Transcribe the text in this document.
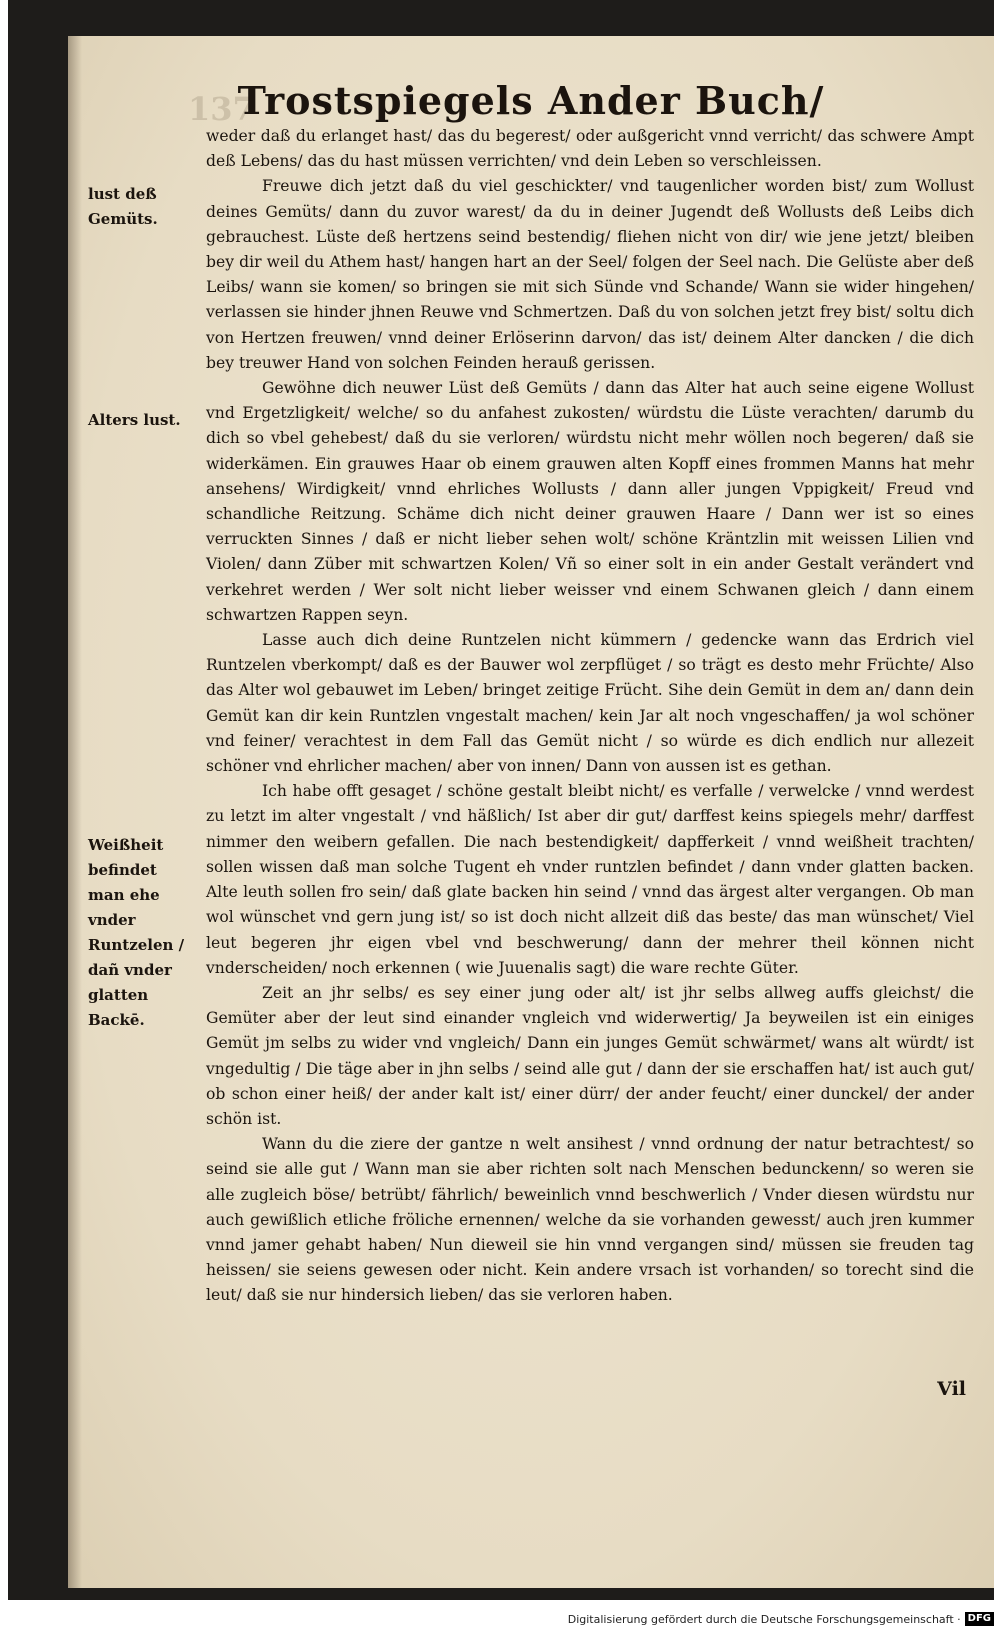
137
Trostspiegels Ander Buch/
lust deß Gemüts.
Alters lust.
Weißheit befindet man ehe vnder Runtzelen / dañ vnder glatten Backē.

weder daß du erlanget hast/ das du begerest/ oder außgericht vnnd verricht/ das schwere Ampt deß Lebens/ das du hast müssen verrichten/ vnd dein Leben so verschleissen.

Freuwe dich jetzt daß du viel geschickter/ vnd taugenlicher worden bist/ zum Wollust deines Gemüts/ dann du zuvor warest/ da du in deiner Jugendt deß Wollusts deß Leibs dich gebrauchest. Lüste deß hertzens seind bestendig/ fliehen nicht von dir/ wie jene jetzt/ bleiben bey dir weil du Athem hast/ hangen hart an der Seel/ folgen der Seel nach. Die Gelüste aber deß Leibs/ wann sie komen/ so bringen sie mit sich Sünde vnd Schande/ Wann sie wider hingehen/ verlassen sie hinder jhnen Reuwe vnd Schmertzen. Daß du von solchen jetzt frey bist/ soltu dich von Hertzen freuwen/ vnnd deiner Erlöserinn darvon/ das ist/ deinem Alter dancken / die dich bey treuwer Hand von solchen Feinden herauß gerissen.

Gewöhne dich neuwer Lüst deß Gemüts / dann das Alter hat auch seine eigene Wollust vnd Ergetzligkeit/ welche/ so du anfahest zukosten/ würdstu die Lüste verachten/ darumb du dich so vbel gehebest/ daß du sie verloren/ würdstu nicht mehr wöllen noch begeren/ daß sie widerkämen. Ein grauwes Haar ob einem grauwen alten Kopff eines frommen Manns hat mehr ansehens/ Wirdigkeit/ vnnd ehrliches Wollusts / dann aller jungen Vppigkeit/ Freud vnd schandliche Reitzung. Schäme dich nicht deiner grauwen Haare / Dann wer ist so eines verruckten Sinnes / daß er nicht lieber sehen wolt/ schöne Kräntzlin mit weissen Lilien vnd Violen/ dann Züber mit schwartzen Kolen/ Vñ so einer solt in ein ander Gestalt verändert vnd verkehret werden / Wer solt nicht lieber weisser vnd einem Schwanen gleich / dann einem schwartzen Rappen seyn.

Lasse auch dich deine Runtzelen nicht kümmern / gedencke wann das Erdrich viel Runtzelen vberkompt/ daß es der Bauwer wol zerpflüget / so trägt es desto mehr Früchte/ Also das Alter wol gebauwet im Leben/ bringet zeitige Frücht. Sihe dein Gemüt in dem an/ dann dein Gemüt kan dir kein Runtzlen vngestalt machen/ kein Jar alt noch vngeschaffen/ ja wol schöner vnd feiner/ verachtest in dem Fall das Gemüt nicht / so würde es dich endlich nur allezeit schöner vnd ehrlicher machen/ aber von innen/ Dann von aussen ist es gethan.

Ich habe offt gesaget / schöne gestalt bleibt nicht/ es verfalle / verwelcke / vnnd werdest zu letzt im alter vngestalt / vnd häßlich/ Ist aber dir gut/ darffest keins spiegels mehr/ darffest nimmer den weibern gefallen. Die nach bestendigkeit/ dapfferkeit / vnnd weißheit trachten/ sollen wissen daß man solche Tugent eh vnder runtzlen befindet / dann vnder glatten backen. Alte leuth sollen fro sein/ daß glate backen hin seind / vnnd das ärgest alter vergangen. Ob man wol wünschet vnd gern jung ist/ so ist doch nicht allzeit diß das beste/ das man wünschet/ Viel leut begeren jhr eigen vbel vnd beschwerung/ dann der mehrer theil können nicht vnderscheiden/ noch erkennen ( wie Juuenalis sagt) die ware rechte Güter.

Zeit an jhr selbs/ es sey einer jung oder alt/ ist jhr selbs allweg auffs gleichst/ die Gemüter aber der leut sind einander vngleich vnd widerwertig/ Ja beyweilen ist ein einiges Gemüt jm selbs zu wider vnd vngleich/ Dann ein junges Gemüt schwärmet/ wans alt würdt/ ist vngedultig / Die täge aber in jhn selbs / seind alle gut / dann der sie erschaffen hat/ ist auch gut/ ob schon einer heiß/ der ander kalt ist/ einer dürr/ der ander feucht/ einer dunckel/ der ander schön ist.

Wann du die ziere der gantze n welt ansihest / vnnd ordnung der natur betrachtest/ so seind sie alle gut / Wann man sie aber richten solt nach Menschen bedunckenn/ so weren sie alle zugleich böse/ betrübt/ fährlich/ beweinlich vnnd beschwerlich / Vnder diesen würdstu nur auch gewißlich etliche fröliche ernennen/ welche da sie vorhanden gewesst/ auch jren kummer vnnd jamer gehabt haben/ Nun dieweil sie hin vnnd vergangen sind/ müssen sie freuden tag heissen/ sie seiens gewesen oder nicht. Kein andere vrsach ist vorhanden/ so torecht sind die leut/ daß sie nur hindersich lieben/ das sie verloren haben.

Vil
Digitalisierung gefördert durch die Deutsche Forschungsgemeinschaft · DFG
